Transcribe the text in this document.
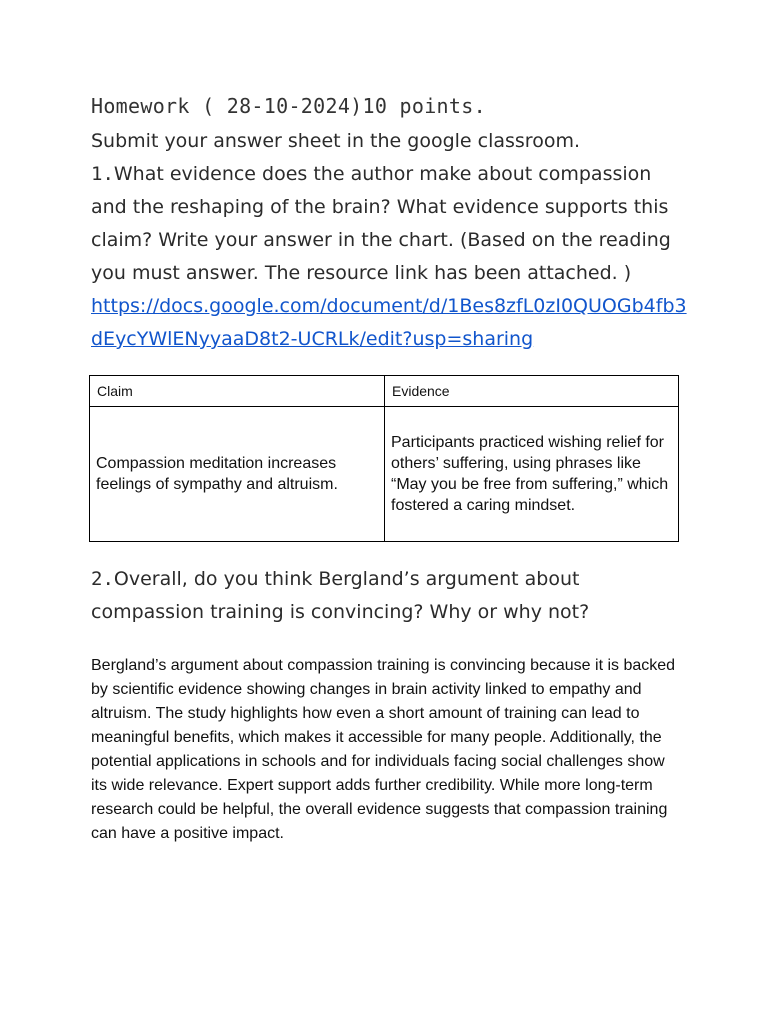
Homework ( 28-10-2024)10 points.
Submit your answer sheet in the google classroom.
1.What evidence does the author make about compassion and the reshaping of the brain? What evidence supports this claim? Write your answer in the chart. (Based on the reading you must answer. The resource link has been attached. )
https://docs.google.com/document/d/1Bes8zfL0zI0QUOGb4fb3dEycYWlENyyaaD8t2-UCRLk/edit?usp=sharing
Claim	Evidence
Compassion meditation increases feelings of sympathy and altruism.	Participants practiced wishing relief for others’ suffering, using phrases like “May you be free from suffering,” which fostered a caring mindset.
2.Overall, do you think Bergland’s argument about compassion training is convincing? Why or why not?
Bergland’s argument about compassion training is convincing because it is backed by scientific evidence showing changes in brain activity linked to empathy and altruism. The study highlights how even a short amount of training can lead to meaningful benefits, which makes it accessible for many people. Additionally, the potential applications in schools and for individuals facing social challenges show its wide relevance. Expert support adds further credibility. While more long-term research could be helpful, the overall evidence suggests that compassion training can have a positive impact.
